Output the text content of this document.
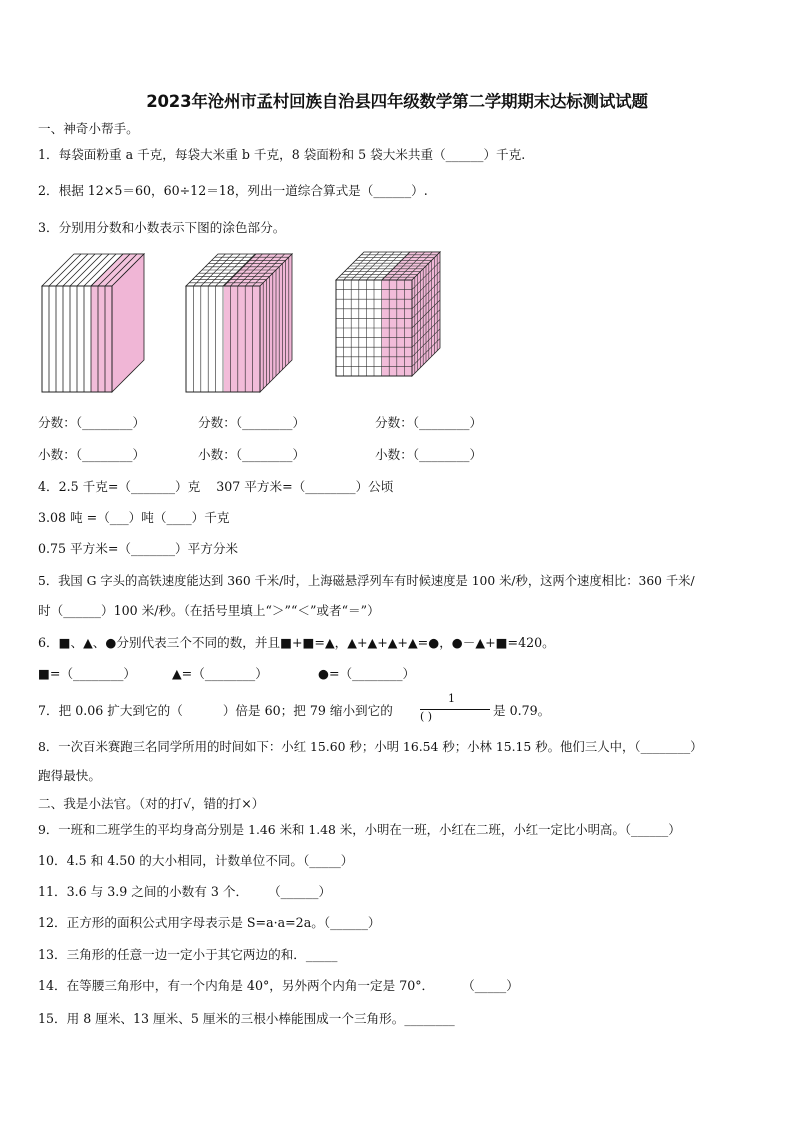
2023年沧州市孟村回族自治县四年级数学第二学期期末达标测试试题
一、神奇小帮手。
1．每袋面粉重 a 千克，每袋大米重 b 千克，8 袋面粉和 5 袋大米共重（______）千克.
2．根据 12×5＝60，60÷12＝18，列出一道综合算式是（______）.
3．分别用分数和小数表示下图的涂色部分。
分数：（________）	分数：（________）	分数：（________）
小数：（________）	小数：（________）	小数：（________）
4．2.5 千克=（_______）克    307 平方米=（________）公顷
3.08 吨 =（___）吨（____）千克
0.75 平方米=（_______）平方分米
5．我国 G 字头的高铁速度能达到 360 千米/时，上海磁悬浮列车有时候速度是 100 米/秒，这两个速度相比：360 千米/
时（______）100 米/秒。（在括号里填上“＞”“＜”或者“＝”）
6．■、▲、●分别代表三个不同的数，并且■+■=▲，▲+▲+▲+▲=●，●－▲+■=420。
■=（________）	▲=（________）	●=（________）
7．把 0.06 扩大到它的（          ）倍是 60；把 79 缩小到它的
1
( )	是 0.79。
8．一次百米赛跑三名同学所用的时间如下：小红 15.60 秒；小明 16.54 秒；小林 15.15 秒。他们三人中，（________）
跑得最快。
二、我是小法官。（对的打√，错的打×）
9．一班和二班学生的平均身高分别是 1.46 米和 1.48 米，小明在一班，小红在二班，小红一定比小明高。（______）
10．4.5 和 4.50 的大小相同，计数单位不同。（_____）
11．3.6 与 3.9 之间的小数有 3 个．     （______）
12．正方形的面积公式用字母表示是 S=a·a=2a。（______）
13．三角形的任意一边一定小于其它两边的和．_____
14．在等腰三角形中，有一个内角是 40°，另外两个内角一定是 70°．       （_____）
15．用 8 厘米、13 厘米、5 厘米的三根小棒能围成一个三角形。________
